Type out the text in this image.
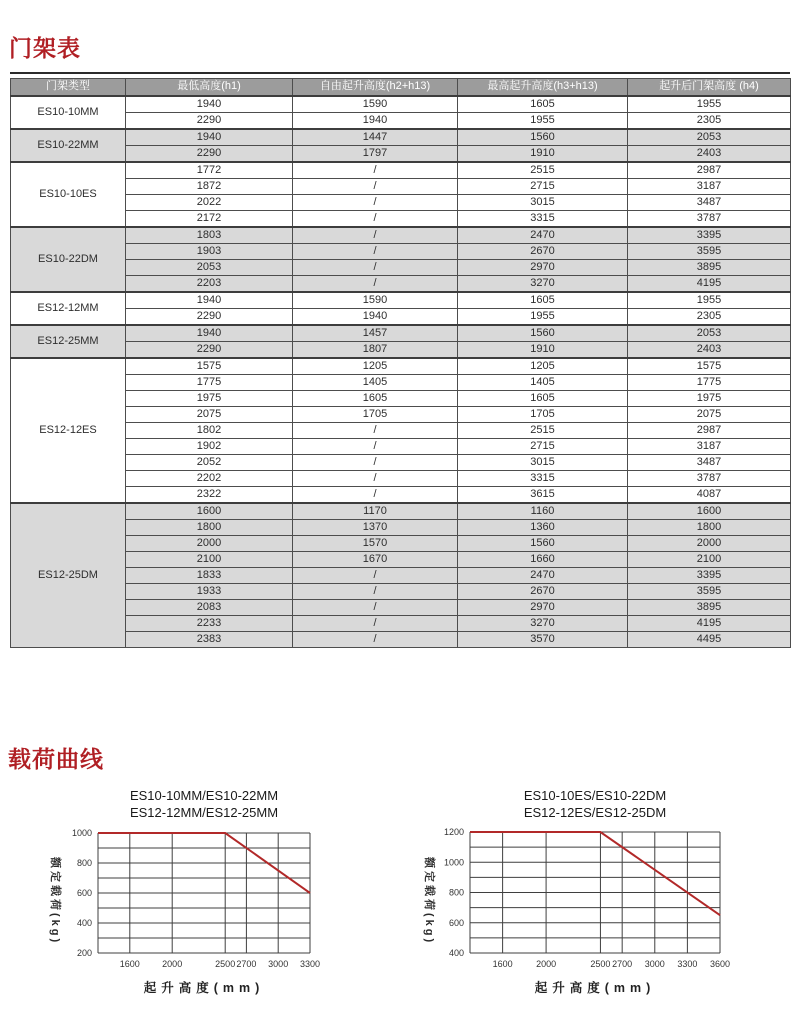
门架表
门架类型	最低高度(h1)	自由起升高度(h2+h13)	最高起升高度(h3+h13)	起升后门架高度 (h4)
ES10-10MM	1940	1590	1605	1955
	2290	1940	1955	2305
ES10-22MM	1940	1447	1560	2053
	2290	1797	1910	2403
ES10-10ES	1772	/	2515	2987
	1872	/	2715	3187
	2022	/	3015	3487
	2172	/	3315	3787
ES10-22DM	1803	/	2470	3395
	1903	/	2670	3595
	2053	/	2970	3895
	2203	/	3270	4195
ES12-12MM	1940	1590	1605	1955
	2290	1940	1955	2305
ES12-25MM	1940	1457	1560	2053
	2290	1807	1910	2403
ES12-12ES	1575	1205	1205	1575
	1775	1405	1405	1775
	1975	1605	1605	1975
	2075	1705	1705	2075
	1802	/	2515	2987
	1902	/	2715	3187
	2052	/	3015	3487
	2202	/	3315	3787
	2322	/	3615	4087
ES12-25DM	1600	1170	1160	1600
	1800	1370	1360	1800
	2000	1570	1560	2000
	2100	1670	1660	2100
	1833	/	2470	3395
	1933	/	2670	3595
	2083	/	2970	3895
	2233	/	3270	4195
	2383	/	3570	4495
载荷曲线
ES10-10MM/ES10-22MM
ES12-12MM/ES12-25MM
额定载荷(kg)
1000
800
600
400
200
1600 2000	2500 2700 3000 3300
起升高度(mm)
ES10-10ES/ES10-22DM
ES12-12ES/ES12-25DM
额定载荷(kg)
1200
1000
800
600
400
1600	2000	2500 2700 3000 3300 3600
起升高度(mm)
